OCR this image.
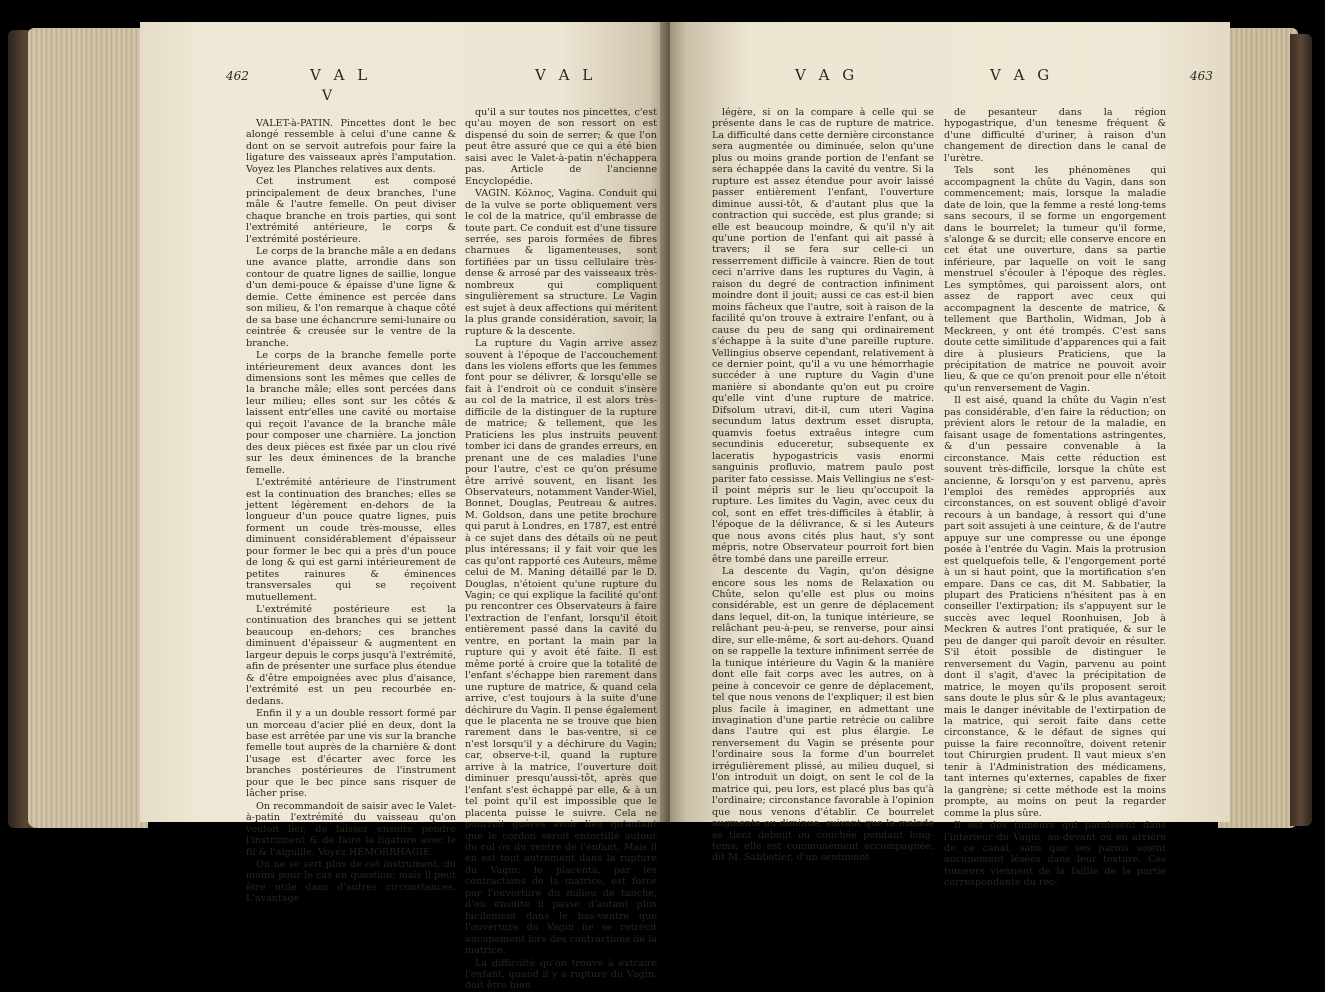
462	V A L	V A L
V

VALET-à-PATIN. Pincettes dont le bec alongé ressemble à celui d'une canne & dont on se servoit autrefois pour faire la ligature des vaisseaux après l'amputation. Voyez les Planches relatives aux dents.

Cet instrument est composé principalement de deux branches, l'une mâle & l'autre femelle. On peut diviser chaque branche en trois parties, qui sont l'extrémité antérieure, le corps & l'extrémité postérieure.

Le corps de la branche mâle a en dedans une avance platte, arrondie dans son contour de quatre lignes de saillie, longue d'un demi-pouce & épaisse d'une ligne & demie. Cette éminence est percée dans son milieu, & l'on remarque à chaque côté de sa base une échancrure semi-lunaire ou ceintrée & creusée sur le ventre de la branche.

Le corps de la branche femelle porte intérieurement deux avances dont les dimensions sont les mêmes que celles de la branche mâle; elles sont percées dans leur milieu; elles sont sur les côtés & laissent entr'elles une cavité ou mortaise qui reçoit l'avance de la branche mâle pour composer une charnière. La jonction des deux pièces est fixée par un clou rivé sur les deux éminences de la branche femelle.

L'extrémité antérieure de l'instrument est la continuation des branches; elles se jettent légèrement en-dehors de la longueur d'un pouce quatre lignes, puis forment un coude très-mousse, elles diminuent considérablement d'épaisseur pour former le bec qui a près d'un pouce de long & qui est garni intérieurement de petites rainures & éminences transversales qui se reçoivent mutuellement.

L'extrémité postérieure est la continuation des branches qui se jettent beaucoup en-dehors; ces branches diminuent d'épaisseur & augmentent en largeur depuis le corps jusqu'à l'extrémité, afin de présenter une surface plus étendue & d'être empoignées avec plus d'aisance, l'extrémité est un peu recourbée en-dedans.

Enfin il y a un double ressort formé par un morceau d'acier plié en deux, dont la base est arrêtée par une vis sur la branche femelle tout auprès de la charnière & dont l'usage est d'écarter avec force les branches postérieures de l'instrument pour que le bec pince sans risquer de lâcher prise.

On recommandoit de saisir avec le Valet-à-patin l'extrémité du vaisseau qu'on vouloit lier, de laisser ensuite pendre l'instrument & de faire la ligature avec le fil & l'aiguille. Voyez HÉMORRHAGIE.

On ne se sert plus de cet instrument, du moins pour le cas en question; mais il peut être utile dans d'autres circonstances. L'avantage

qu'il a sur toutes nos pincettes, c'est qu'au moyen de son ressort on est dispensé du soin de serrer; & que l'on peut être assuré que ce qui a été bien saisi avec le Valet-à-patin n'échappera pas. Article de l'ancienne Encyclopédie.

VAGIN. Κόλπος, Vagina. Conduit qui de la vulve se porte obliquement vers le col de la matrice, qu'il embrasse de toute part. Ce conduit est d'une tissure serrée, ses parois formées de fibres charnues & ligamenteuses, sont fortifiées par un tissu cellulaire très-dense & arrosé par des vaisseaux très-nombreux qui compliquent singulièrement sa structure. Le Vagin est sujet à deux affections qui méritent la plus grande considération, savoir, la rupture & la descente.

La rupture du Vagin arrive assez souvent à l'époque de l'accouchement dans les violens efforts que les femmes font pour se délivrer, & lorsqu'elle se fait à l'endroit où ce conduit s'insère au col de la matrice, il est alors très-difficile de la distinguer de la rupture de matrice; & tellement, que les Praticiens les plus instruits peuvent tomber ici dans de grandes erreurs, en prenant une de ces maladies l'une pour l'autre, c'est ce qu'on présume être arrivé souvent, en lisant les Observateurs, notamment Vander-Wiel, Bonnet, Douglas, Peutreau & autres. M. Goldson, dans une petite brochure qui parut à Londres, en 1787, est entré à ce sujet dans des détails où ne peut plus intéressans; il y fait voir que les cas qu'ont rapporté ces Auteurs, même celui de M. Maning détaillé par le D. Douglas, n'étoient qu'une rupture du Vagin; ce qui explique la facilité qu'ont pu rencontrer ces Observateurs à faire l'extraction de l'enfant, lorsqu'il étoit entièrement passé dans la cavité du ventre, en portant la main par la rupture qui y avoit été faite. Il est même porté à croire que la totalité de l'enfant s'échappe bien rarement dans une rupture de matrice, & quand cela arrive, c'est toujours à la suite d'une déchirure du Vagin. Il pense également que le placenta ne se trouve que bien rarement dans le bas-ventre, si ce n'est lorsqu'il y a déchirure du Vagin; car, observe-t-il, quand la rupture arrive à la matrice, l'ouverture doit diminuer presqu'aussi-tôt, après que l'enfant s'est échappé par elle, & à un tel point qu'il est impossible que le placenta puisse le suivre. Cela ne pourroit guères avoir lieu qu'autant que le cordon seroit entortillé autour du col ou du ventre de l'enfant. Mais il en est tout autrement dans la rupture du Vagin; le placenta, par les contractions de la matrice, est forcé par l'ouverture du milieu de tanche, d'où ensuite il passe d'autant plus facilement dans le bas-ventre que l'ouverture du Vagin ne se retrécit aucunement lors des contractions de la matrice.

La difficulté qu'on trouve à extraire l'enfant, quand il y a rupture du Vagin, doit être bien

V A G	V A G	463

légère, si on la compare à celle qui se présente dans le cas de rupture de matrice. La difficulté dans cette dernière circonstance sera augmentée ou diminuée, selon qu'une plus ou moins grande portion de l'enfant se sera échappée dans la cavité du ventre. Si la rupture est assez étendue pour avoir laissé passer entièrement l'enfant, l'ouverture diminue aussi-tôt, & d'autant plus que la contraction qui succède, est plus grande; si elle est beaucoup moindre, & qu'il n'y ait qu'une portion de l'enfant qui ait passé à travers; il se fera sur celle-ci un resserrement difficile à vaincre. Rien de tout ceci n'arrive dans les ruptures du Vagin, à raison du degré de contraction infiniment moindre dont il jouit; aussi ce cas est-il bien moins fâcheux que l'autre, soit à raison de la facilité qu'on trouve à extraire l'enfant, ou à cause du peu de sang qui ordinairement s'échappe à la suite d'une pareille rupture. Vellingius observe cependant, relativement à ce dernier point, qu'il a vu une hémorrhagie succéder à une rupture du Vagin d'une manière si abondante qu'on eut pu croire qu'elle vint d'une rupture de matrice. Difsolum utravi, dit-il, cum uteri Vagina secundum latus dextrum esset disrupta, quamvis foetus extraêus integre cum secundinis educeretur, subsequente ex laceratis hypogastricis vasis enormi sanguinis profluvio, matrem paulo post pariter fato cessisse. Mais Vellingius ne s'est-il point mépris sur le lieu qu'occupoit la rupture. Les limites du Vagin, avec ceux du col, sont en effet très-difficiles à établir, à l'époque de la délivrance, & si les Auteurs que nous avons cités plus haut, s'y sont mépris, notre Observateur pourroit fort bien être tombé dans une pareille erreur.

La descente du Vagin, qu'on désigne encore sous les noms de Relaxation ou Chûte, selon qu'elle est plus ou moins considérable, est un genre de déplacement dans lequel, dit-on, la tunique intérieure, se relâchant peu-à-peu, se renverse, pour ainsi dire, sur elle-même, & sort au-dehors. Quand on se rappelle la texture infiniment serrée de la tunique intérieure du Vagin & la manière dont elle fait corps avec les autres, on à peine à concevoir ce genre de déplacement, tel que nous venons de l'expliquer; il est bien plus facile à imaginer, en admettant une invagination d'une partie retrécie ou calibre dans l'autre qui est plus élargie. Le renversement du Vagin se présente pour l'ordinaire sous la forme d'un bourrelet irrégulièrement plissé, au milieu duquel, si l'on introduit un doigt, on sent le col de la matrice qui, peu lors, est placé plus bas qu'à l'ordinaire; circonstance favorable à l'opinion que nous venons d'établir. Ce bourrelet augmente ou diminue, suivant que la malade se tient debout ou couchée pendant long-tems; elle est communément accompagnée, dit M. Sabbatier, d'un sentiment

de pesanteur dans la région hypogastrique, d'un tenesme fréquent & d'une difficulté d'uriner, à raison d'un changement de direction dans le canal de l'urètre.

Tels sont les phénomènes qui accompagnent la chûte du Vagin, dans son commencement; mais, lorsque la maladie date de loin, que la femme a resté long-tems sans secours, il se forme un engorgement dans le bourrelet; la tumeur qu'il forme, s'alonge & se durcit; elle conserve encore en cet état une ouverture, dans sa partie inférieure, par laquelle on voit le sang menstruel s'écouler à l'époque des règles. Les symptômes, qui paroissent alors, ont assez de rapport avec ceux qui accompagnent la descente de matrice, & tellement que Bartholin, Widman, Job à Meckreen, y ont été trompés. C'est sans doute cette similitude d'apparences qui a fait dire à plusieurs Praticiens, que la précipitation de matrice ne pouvoit avoir lieu, & que ce qu'on prenoit pour elle n'étoit qu'un renversement de Vagin.

Il est aisé, quand la chûte du Vagin n'est pas considérable, d'en faire la réduction; on prévient alors le retour de la maladie, en faisant usage de fomentations astringentes, & d'un pessaire convenable à la circonstance. Mais cette réduction est souvent très-difficile, lorsque la chûte est ancienne, & lorsqu'on y est parvenu, après l'emploi des remèdes appropriés aux circonstances, on est souvent obligé d'avoir recours à un bandage, à ressort qui d'une part soit assujeti à une ceinture, & de l'autre appuye sur une compresse ou une éponge posée à l'entrée du Vagin. Mais la protrusion est quelquefois telle, & l'engorgement porté à un si haut point, que la mortification s'en empare. Dans ce cas, dit M. Sabbatier, la plupart des Praticiens n'hésitent pas à en conseiller l'extirpation; ils s'appuyent sur le succès avec lequel Roonhuisen, Job à Meckren & autres l'ont pratiquée, & sur le peu de danger qui paroît devoir en résulter. S'il étoit possible de distinguer le renversement du Vagin, parvenu au point dont il s'agit, d'avec la précipitation de matrice, le moyen qu'ils proposent seroit sans doute le plus sûr & le plus avantageux; mais le danger inévitable de l'extirpation de la matrice, qui seroit faite dans cette circonstance, & le défaut de signes qui puisse la faire reconnoître, doivent retenir tout Chirurgien prudent. Il vaut mieux s'en tenir à l'Administration des médicamens, tant internes qu'externes, capables de fixer la gangrène; si cette méthode est la moins prompte, au moins on peut la regarder comme la plus sûre.

Il est des tumeurs qui paroissent dans l'intérieur du Vagin, au-devant ou en arrière de ce canal, sans que ses parois soient aucunement lésées dans leur texture. Ces tumeurs viennent de la faillie de la partie correspondante du rec-
